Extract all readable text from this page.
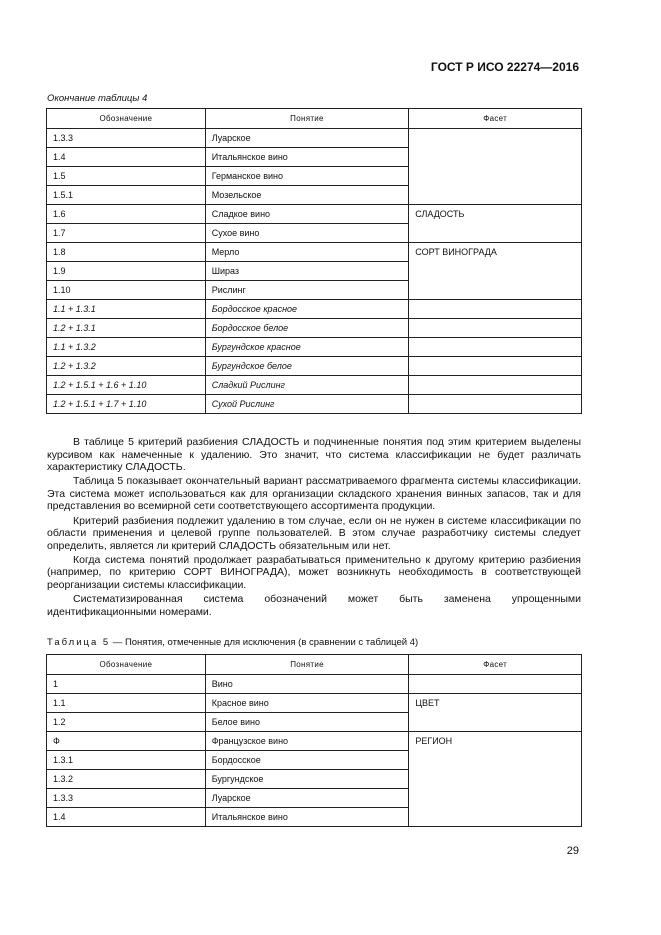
ГОСТ Р ИСО 22274—2016
Окончание таблицы 4
Обозначение	Понятие	Фасет
1.3.3	Луарское	
1.4	Итальянское вино	
1.5	Германское вино	
1.5.1	Мозельское	
1.6	Сладкое вино	СЛАДОСТЬ
1.7	Сухое вино	
1.8	Мерло	СОРТ ВИНОГРАДА
1.9	Шираз	
1.10	Рислинг	
1.1 + 1.3.1	Бордосское красное	
1.2 + 1.3.1	Бордосское белое	
1.1 + 1.3.2	Бургундское красное	
1.2 + 1.3.2	Бургундское белое	
1.2 + 1.5.1 + 1.6 + 1.10	Сладкий Рислинг	
1.2 + 1.5.1 + 1.7 + 1.10	Сухой Рислинг	

В таблице 5 критерий разбиения СЛАДОСТЬ и подчиненные понятия под этим критерием выделены курсивом как намеченные к удалению. Это значит, что система классификации не будет различать характеристику СЛАДОСТЬ.

Таблица 5 показывает окончательный вариант рассматриваемого фрагмента системы классификации. Эта система может использоваться как для организации складского хранения винных запасов, так и для представления во всемирной сети соответствующего ассортимента продукции.

Критерий разбиения подлежит удалению в том случае, если он не нужен в системе классификации по области применения и целевой группе пользователей. В этом случае разработчику системы следует определить, является ли критерий СЛАДОСТЬ обязательным или нет.

Когда система понятий продолжает разрабатываться применительно к другому критерию разбиения (например, по критерию СОРТ ВИНОГРАДА), может возникнуть необходимость в соответствующей реорганизации системы классификации.

Систематизированная система обозначений может быть заменена упрощенными идентификационными номерами.

Таблица 5 — Понятия, отмеченные для исключения (в сравнении с таблицей 4)
Обозначение	Понятие	Фасет
1	Вино	
1.1	Красное вино	ЦВЕТ
1.2	Белое вино	
Ф	Французское вино	РЕГИОН
1.3.1	Бордосское	
1.3.2	Бургундское	
1.3.3	Луарское	
1.4	Итальянское вино	
29
